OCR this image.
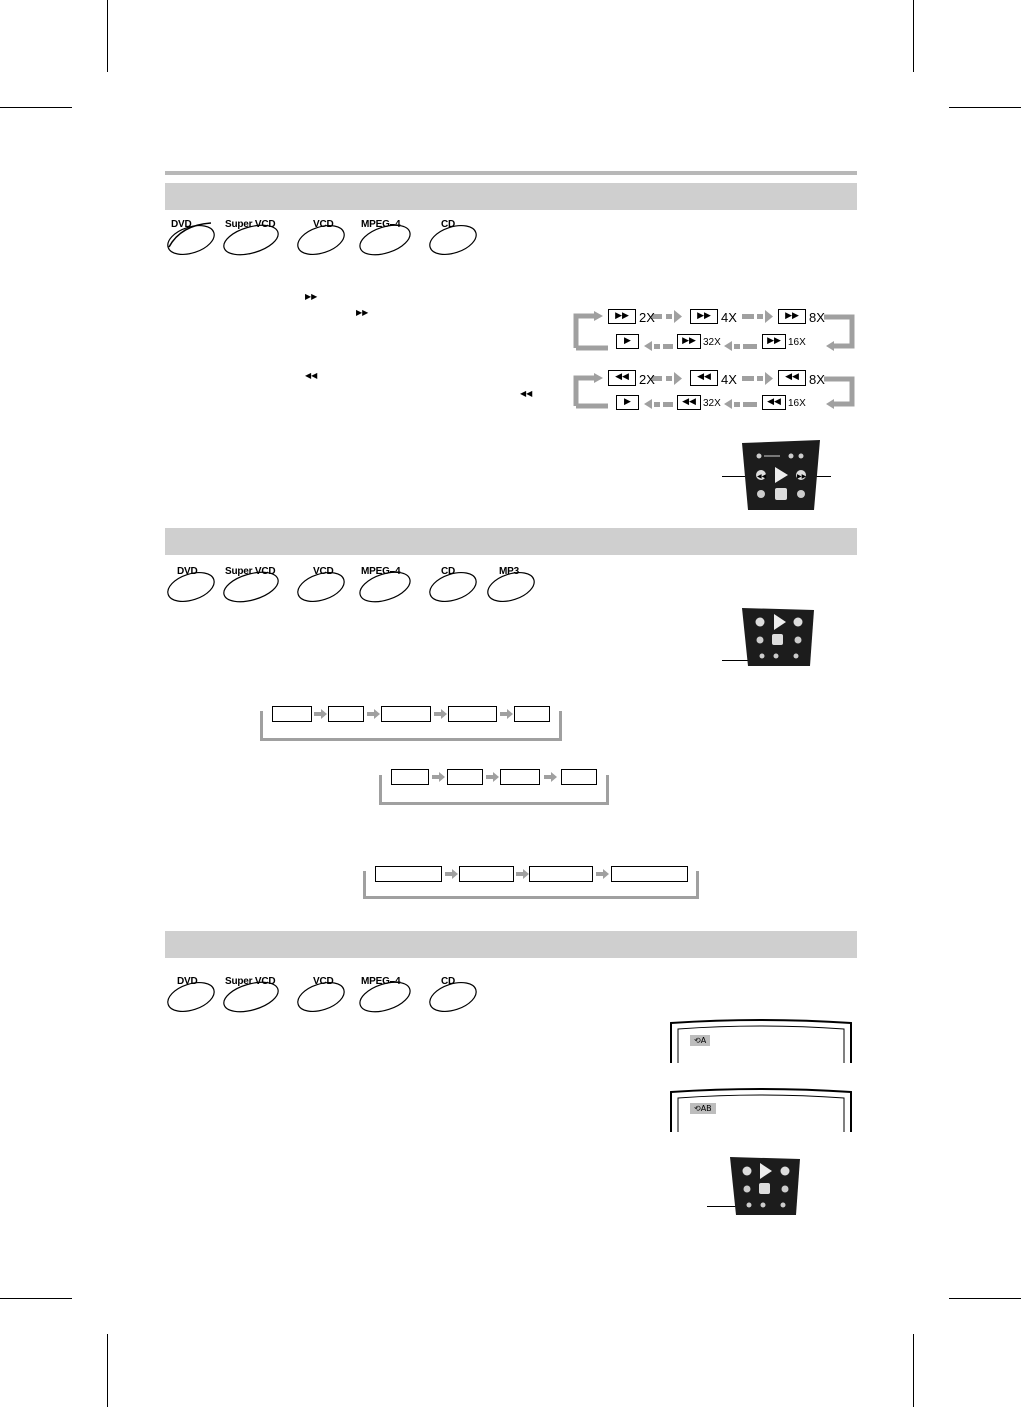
DVD	Super VCD	VCD	MPEG–4	CD
▶▶
▶▶
◀◀
◀◀
▶▶ 2X	▶▶ 4X	▶▶ 8X
▶	▶▶ 32X	▶▶ 16X
◀◀ 2X	◀◀ 4X	◀◀ 8X
▶	◀◀ 32X	◀◀ 16X
◀◀	▶▶
DVD	Super VCD	VCD	MPEG–4	CD	MP3
DVD	Super VCD	VCD	MPEG–4	CD
⟲A
⟲AB
